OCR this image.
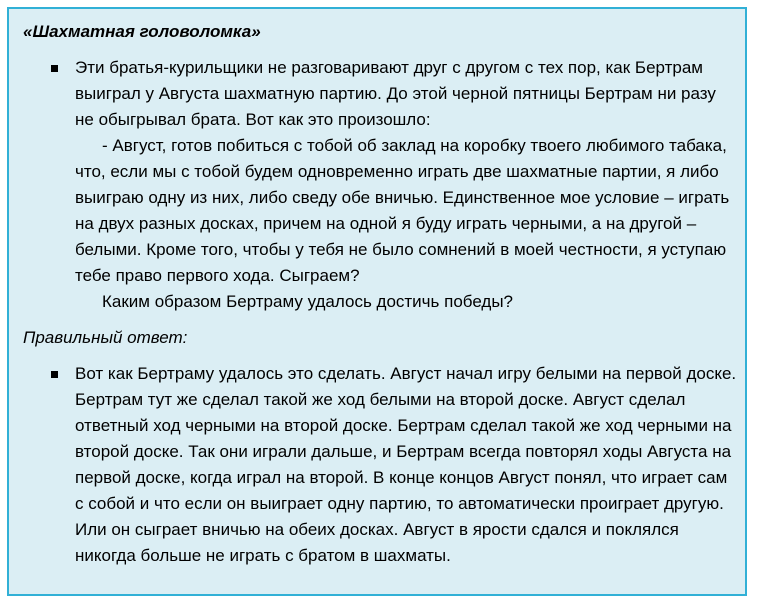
«Шахматная головоломка»

Эти братья-курильщики не разговаривают друг с другом с тех пор, как Бертрам выиграл у Августа шахматную партию. До этой черной пятницы Бертрам ни разу не обыгрывал брата. Вот как это произошло:

- Август, готов побиться с тобой об заклад на коробку твоего любимого табака, что, если мы с тобой будем одновременно играть две шахматные партии, я либо выиграю одну из них, либо сведу обе вничью. Единственное мое условие – играть на двух разных досках, причем на одной я буду играть черными, а на другой – белыми. Кроме того, чтобы у тебя не было сомнений в моей честности, я уступаю тебе право первого хода. Сыграем?

Каким образом Бертраму удалось достичь победы?

Правильный ответ:

Вот как Бертраму удалось это сделать. Август начал игру белыми на первой доске. Бертрам тут же сделал такой же ход белыми на второй доске. Август сделал ответный ход черными на второй доске. Бертрам сделал такой же ход черными на второй доске. Так они играли дальше, и Бертрам всегда повторял ходы Августа на первой доске, когда играл на второй. В конце концов Август понял, что играет сам с собой и что если он выиграет одну партию, то автоматически проиграет другую. Или он сыграет вничью на обеих досках. Август в ярости сдался и поклялся никогда больше не играть с братом в шахматы.
